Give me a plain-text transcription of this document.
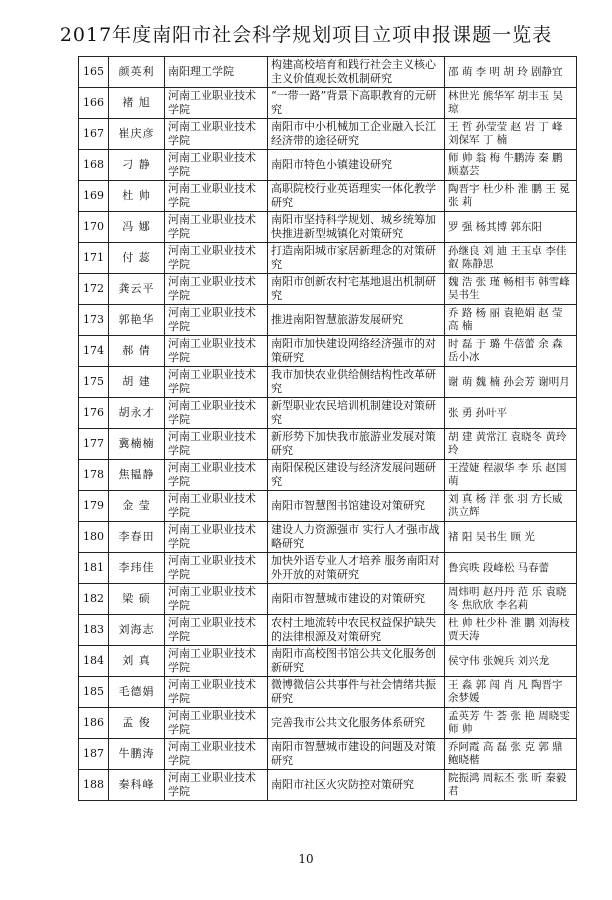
2017年度南阳市社会科学规划项目立项申报课题一览表
165	颜英利	南阳理工学院	构建高校培育和践行社会主义核心主义价值观长效机制研究	邵 萌 李 明 胡 玲 剧静宜
166	褚 旭	河南工业职业技术学院	“一带一路”背景下高职教育的元研究	林世光 熊华军 胡丰玉 吴 琼
167	崔庆彦	河南工业职业技术学院	南阳市中小机械加工企业融入长江经济带的途径研究	王 哲 孙莹莹 赵 岩 丁 峰 刘保军 丁 楠
168	刁 静	河南工业职业技术学院	南阳市特色小镇建设研究	师 帅 翁 梅 牛鹏涛 秦 鹏 顾嘉芸
169	杜 帅	河南工业职业技术学院	高职院校行业英语理实一体化教学研究	陶晋宇 杜少朴 淮 鹏 王 冕 张 莉
170	冯 娜	河南工业职业技术学院	南阳市坚持科学规划、城乡统筹加快推进新型城镇化对策研究	罗 强 杨其博 郭东阳
171	付 蕊	河南工业职业技术学院	打造南阳城市家居新理念的对策研究	孙继良 刘 迪 王玉卓 李佳叡 陈静思
172	龚云平	河南工业职业技术学院	南阳市创新农村宅基地退出机制研究	魏 浩 张 瑾 畅相韦 韩雪峰 吴书生
173	郭艳华	河南工业职业技术学院	推进南阳智慧旅游发展研究	乔 路 杨 丽 袁艳娟 赵 莹 高 楠
174	郝 倩	河南工业职业技术学院	南阳市加快建设网络经济强市的对策研究	时 磊 于 璐 牛蓓蕾 余 森 岳小冰
175	胡 建	河南工业职业技术学院	我市加快农业供给侧结构性改革研究	谢 萌 魏 楠 孙会芳 谢明月
176	胡永才	河南工业职业技术学院	新型职业农民培训机制建设对策研究	张 勇 孙叶平
177	冀楠楠	河南工业职业技术学院	新形势下加快我市旅游业发展对策研究	胡 建 黄常江 袁晓冬 黄玲玲
178	焦韫静	河南工业职业技术学院	南阳保税区建设与经济发展问题研究	王滢婕 程淑华 李 乐 赵国萌
179	金 莹	河南工业职业技术学院	南阳市智慧图书馆建设对策研究	刘 真 杨 洋 张 羽 方长威 洪立辉
180	李春田	河南工业职业技术学院	建设人力资源强市 实行人才强市战略研究	褚 阳 吴书生 顾 光
181	李玮佳	河南工业职业技术学院	加快外语专业人才培养 服务南阳对外开放的对策研究	鲁宾昳 段峰松 马春蕾
182	梁 硕	河南工业职业技术学院	南阳市智慧城市建设的对策研究	周炜明 赵丹丹 范 乐 袁晓冬 焦欣欣 李名莉
183	刘海志	河南工业职业技术学院	农村土地流转中农民权益保护缺失的法律根源及对策研究	杜 帅 杜少朴 淮 鹏 刘海枝 贾天涛
184	刘 真	河南工业职业技术学院	南阳市高校图书馆公共文化服务创新研究	侯守伟 张婉兵 刘兴龙
185	毛德娟	河南工业职业技术学院	微博微信公共事件与社会情绪共振研究	王 淼 郭 闯 肖 凡 陶晋宇 余梦媛
186	孟 俊	河南工业职业技术学院	完善我市公共文化服务体系研究	孟英芳 牛 荟 张 艳 周晓雯 师 帅
187	牛鹏涛	河南工业职业技术学院	南阳市智慧城市建设的问题及对策研究	乔阿霞 高 磊 张 克 郭 鼎 鲍晓楷
188	秦科峰	河南工业职业技术学院	南阳市社区火灾防控对策研究	院振鸿 周耘丕 张 昕 秦毅君
10
